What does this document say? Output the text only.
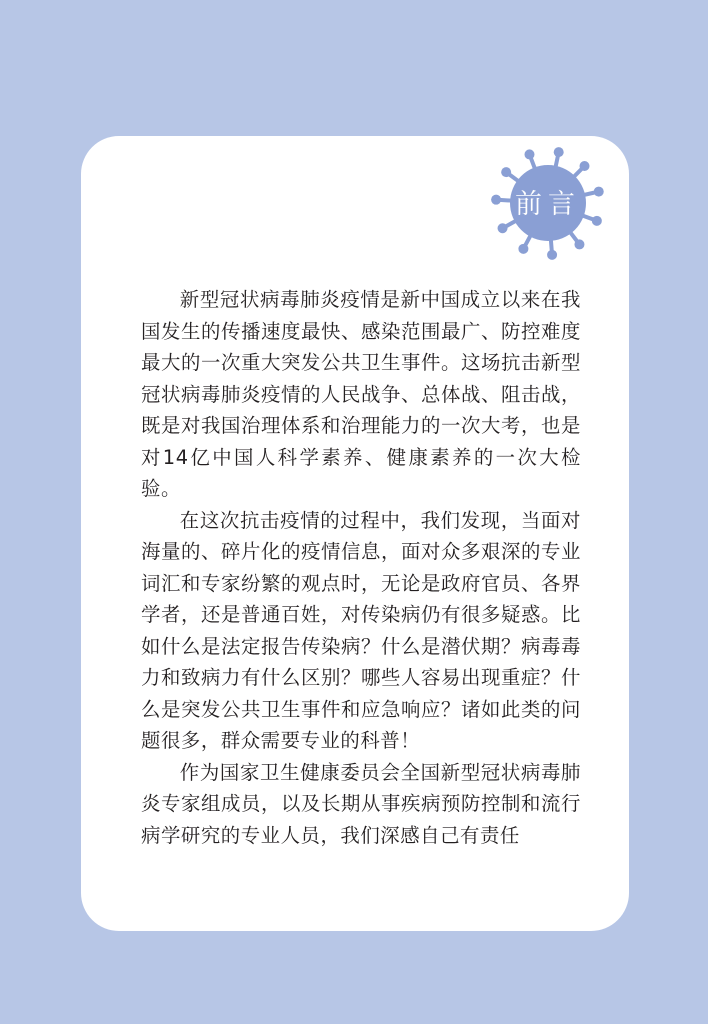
前言

新型冠状病毒肺炎疫情是新中国成立以来在我国发生的传播速度最快、感染范围最广、防控难度最大的一次重大突发公共卫生事件。这场抗击新型冠状病毒肺炎疫情的人民战争、总体战、阻击战，既是对我国治理体系和治理能力的一次大考，也是对14亿中国人科学素养、健康素养的一次大检验。

在这次抗击疫情的过程中，我们发现，当面对海量的、碎片化的疫情信息，面对众多艰深的专业词汇和专家纷繁的观点时，无论是政府官员、各界学者，还是普通百姓，对传染病仍有很多疑惑。比如什么是法定报告传染病？什么是潜伏期？病毒毒力和致病力有什么区别？哪些人容易出现重症？什么是突发公共卫生事件和应急响应？诸如此类的问题很多，群众需要专业的科普！

作为国家卫生健康委员会全国新型冠状病毒肺炎专家组成员，以及长期从事疾病预防控制和流行病学研究的专业人员，我们深感自己有责任
